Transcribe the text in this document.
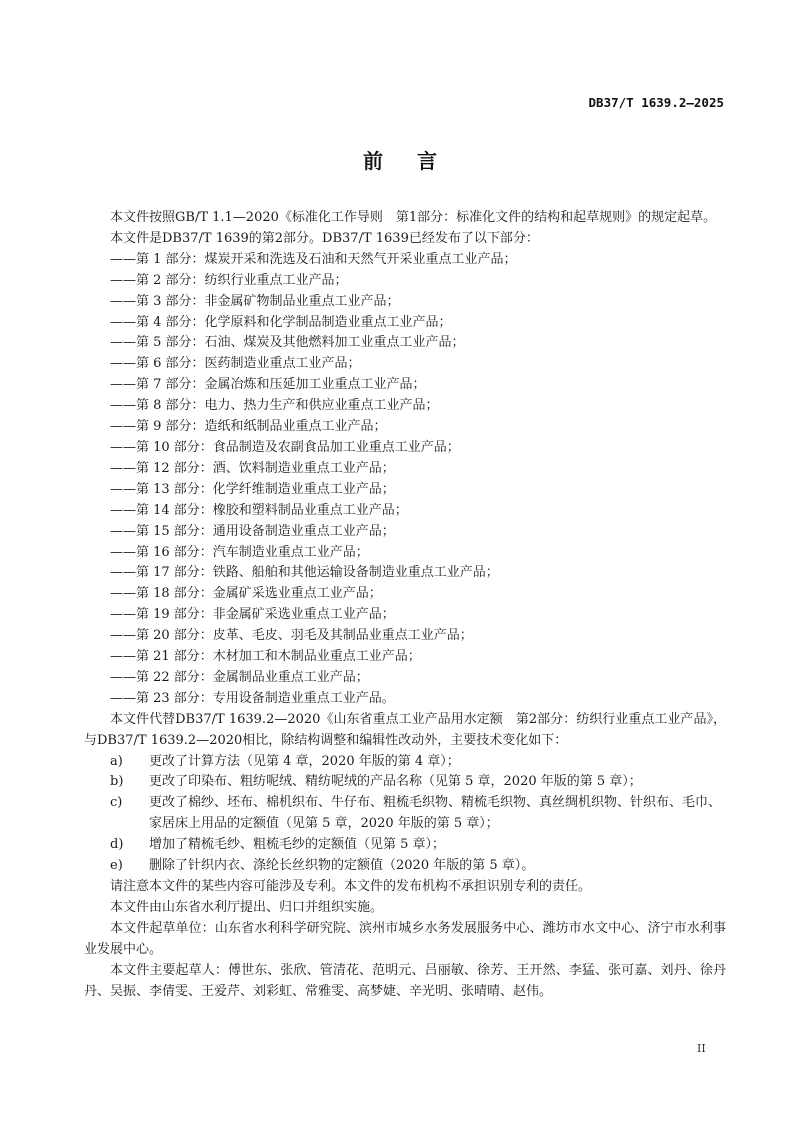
DB37/T 1639.2—2025
前 言

本文件按照GB/T 1.1—2020《标准化工作导则　第1部分：标准化文件的结构和起草规则》的规定起草。

本文件是DB37/T 1639的第2部分。DB37/T 1639已经发布了以下部分：

——第 1 部分：煤炭开采和洗选及石油和天然气开采业重点工业产品；

——第 2 部分：纺织行业重点工业产品；

——第 3 部分：非金属矿物制品业重点工业产品；

——第 4 部分：化学原料和化学制品制造业重点工业产品；

——第 5 部分：石油、煤炭及其他燃料加工业重点工业产品；

——第 6 部分：医药制造业重点工业产品；

——第 7 部分：金属冶炼和压延加工业重点工业产品；

——第 8 部分：电力、热力生产和供应业重点工业产品；

——第 9 部分：造纸和纸制品业重点工业产品；

——第 10 部分：食品制造及农副食品加工业重点工业产品；

——第 12 部分：酒、饮料制造业重点工业产品；

——第 13 部分：化学纤维制造业重点工业产品；

——第 14 部分：橡胶和塑料制品业重点工业产品；

——第 15 部分：通用设备制造业重点工业产品；

——第 16 部分：汽车制造业重点工业产品；

——第 17 部分：铁路、船舶和其他运输设备制造业重点工业产品；

——第 18 部分：金属矿采选业重点工业产品；

——第 19 部分：非金属矿采选业重点工业产品；

——第 20 部分：皮革、毛皮、羽毛及其制品业重点工业产品；

——第 21 部分：木材加工和木制品业重点工业产品；

——第 22 部分：金属制品业重点工业产品；

——第 23 部分：专用设备制造业重点工业产品。

本文件代替DB37/T 1639.2—2020《山东省重点工业产品用水定额　第2部分：纺织行业重点工业产品》，与DB37/T 1639.2—2020相比，除结构调整和编辑性改动外，主要技术变化如下：

a) 更改了计算方法（见第 4 章，2020 年版的第 4 章）；

b) 更改了印染布、粗纺呢绒、精纺呢绒的产品名称（见第 5 章，2020 年版的第 5 章）；

c) 更改了棉纱、坯布、棉机织布、牛仔布、粗梳毛织物、精梳毛织物、真丝绸机织物、针织布、毛巾、家居床上用品的定额值（见第 5 章，2020 年版的第 5 章）；

d) 增加了精梳毛纱、粗梳毛纱的定额值（见第 5 章）；

e) 删除了针织内衣、涤纶长丝织物的定额值（2020 年版的第 5 章）。

请注意本文件的某些内容可能涉及专利。本文件的发布机构不承担识别专利的责任。

本文件由山东省水利厅提出、归口并组织实施。

本文件起草单位：山东省水利科学研究院、滨州市城乡水务发展服务中心、潍坊市水文中心、济宁市水利事业发展中心。

本文件主要起草人：傅世东、张欣、管清花、范明元、吕丽敏、徐芳、王开然、李猛、张可嘉、刘丹、徐丹丹、吴振、李倩雯、王爱芹、刘彩虹、常雅雯、高梦婕、辛光明、张晴晴、赵伟。

II
